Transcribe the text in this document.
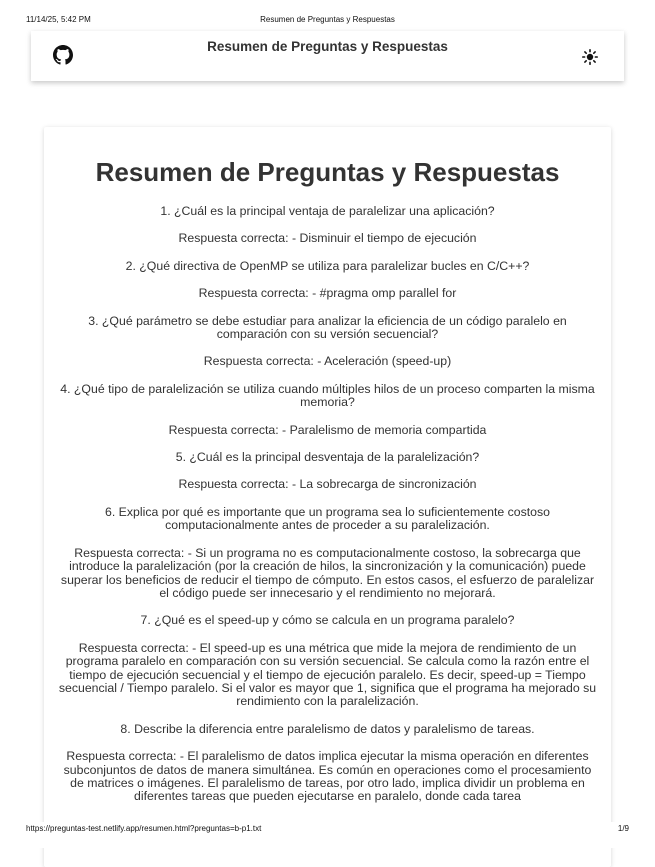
11/14/25, 5:42 PM	Resumen de Preguntas y Respuestas
Resumen de Preguntas y Respuestas
Resumen de Preguntas y Respuestas

1. ¿Cuál es la principal ventaja de paralelizar una aplicación?

Respuesta correcta: - Disminuir el tiempo de ejecución

2. ¿Qué directiva de OpenMP se utiliza para paralelizar bucles en C/C++?

Respuesta correcta: - #pragma omp parallel for

3. ¿Qué parámetro se debe estudiar para analizar la eficiencia de un código paralelo en comparación con su versión secuencial?

Respuesta correcta: - Aceleración (speed-up)

4. ¿Qué tipo de paralelización se utiliza cuando múltiples hilos de un proceso comparten la misma memoria?

Respuesta correcta: - Paralelismo de memoria compartida

5. ¿Cuál es la principal desventaja de la paralelización?

Respuesta correcta: - La sobrecarga de sincronización

6. Explica por qué es importante que un programa sea lo suficientemente costoso computacionalmente antes de proceder a su paralelización.

Respuesta correcta: - Si un programa no es computacionalmente costoso, la sobrecarga que introduce la paralelización (por la creación de hilos, la sincronización y la comunicación) puede superar los beneficios de reducir el tiempo de cómputo. En estos casos, el esfuerzo de paralelizar el código puede ser innecesario y el rendimiento no mejorará.

7. ¿Qué es el speed-up y cómo se calcula en un programa paralelo?

Respuesta correcta: - El speed-up es una métrica que mide la mejora de rendimiento de un programa paralelo en comparación con su versión secuencial. Se calcula como la razón entre el tiempo de ejecución secuencial y el tiempo de ejecución paralelo. Es decir, speed-up = Tiempo secuencial / Tiempo paralelo. Si el valor es mayor que 1, significa que el programa ha mejorado su rendimiento con la paralelización.

8. Describe la diferencia entre paralelismo de datos y paralelismo de tareas.

Respuesta correcta: - El paralelismo de datos implica ejecutar la misma operación en diferentes subconjuntos de datos de manera simultánea. Es común en operaciones como el procesamiento de matrices o imágenes. El paralelismo de tareas, por otro lado, implica dividir un problema en diferentes tareas que pueden ejecutarse en paralelo, donde cada tarea

https://preguntas-test.netlify.app/resumen.html?preguntas=b-p1.txt	1/9
